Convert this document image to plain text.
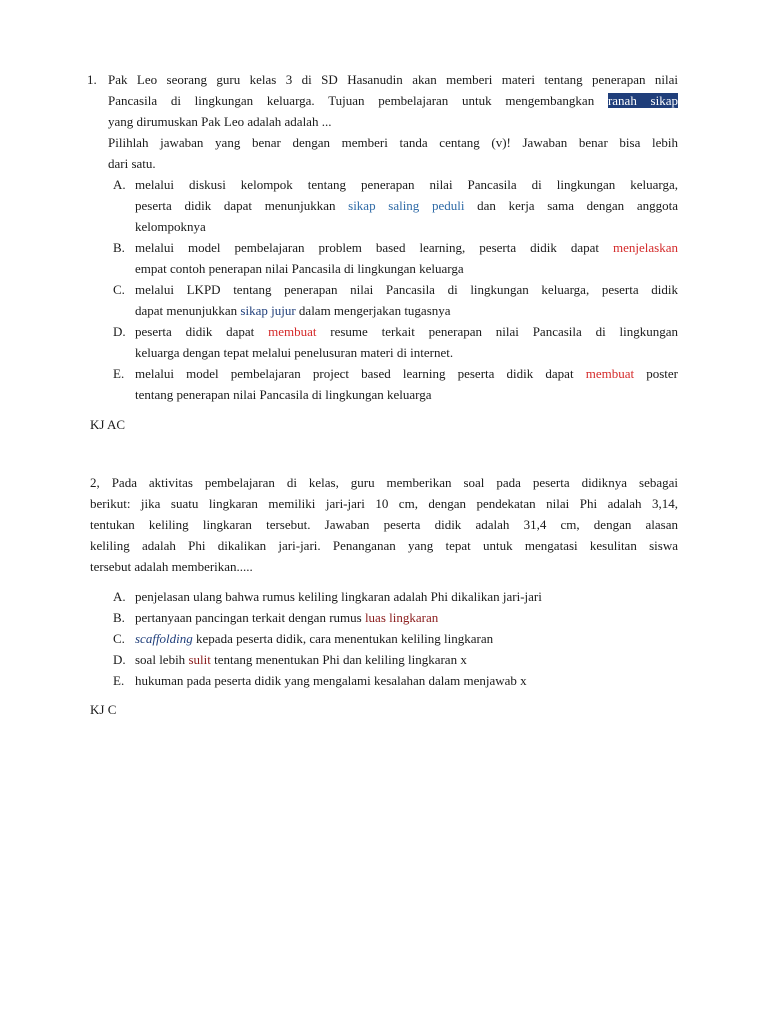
1. Pak Leo seorang guru kelas 3 di SD Hasanudin akan memberi materi tentang penerapan nilai
Pancasila di lingkungan keluarga. Tujuan pembelajaran untuk mengembangkan ranah sikap
yang dirumuskan Pak Leo adalah adalah ...
Pilihlah jawaban yang benar dengan memberi tanda centang (v)! Jawaban benar bisa lebih
dari satu.
A. melalui diskusi kelompok tentang penerapan nilai Pancasila di lingkungan keluarga,
peserta didik dapat menunjukkan sikap saling peduli dan kerja sama dengan anggota
kelompoknya
B. melalui model pembelajaran problem based learning, peserta didik dapat menjelaskan
empat contoh penerapan nilai Pancasila di lingkungan keluarga
C. melalui LKPD tentang penerapan nilai Pancasila di lingkungan keluarga, peserta didik
dapat menunjukkan sikap jujur dalam mengerjakan tugasnya
D. peserta didik dapat membuat resume terkait penerapan nilai Pancasila di lingkungan
keluarga dengan tepat melalui penelusuran materi di internet.
E. melalui model pembelajaran project based learning peserta didik dapat membuat poster
tentang penerapan nilai Pancasila di lingkungan keluarga
KJ AC
2, Pada aktivitas pembelajaran di kelas, guru memberikan soal pada peserta didiknya sebagai
berikut: jika suatu lingkaran memiliki jari-jari 10 cm, dengan pendekatan nilai Phi adalah 3,14,
tentukan keliling lingkaran tersebut. Jawaban peserta didik adalah 31,4 cm, dengan alasan
keliling adalah Phi dikalikan jari-jari. Penanganan yang tepat untuk mengatasi kesulitan siswa
tersebut adalah memberikan.....
A. penjelasan ulang bahwa rumus keliling lingkaran adalah Phi dikalikan jari-jari
B. pertanyaan pancingan terkait dengan rumus luas lingkaran
C. scaffolding kepada peserta didik, cara menentukan keliling lingkaran
D. soal lebih sulit tentang menentukan Phi dan keliling lingkaran x
E. hukuman pada peserta didik yang mengalami kesalahan dalam menjawab x
KJ C
